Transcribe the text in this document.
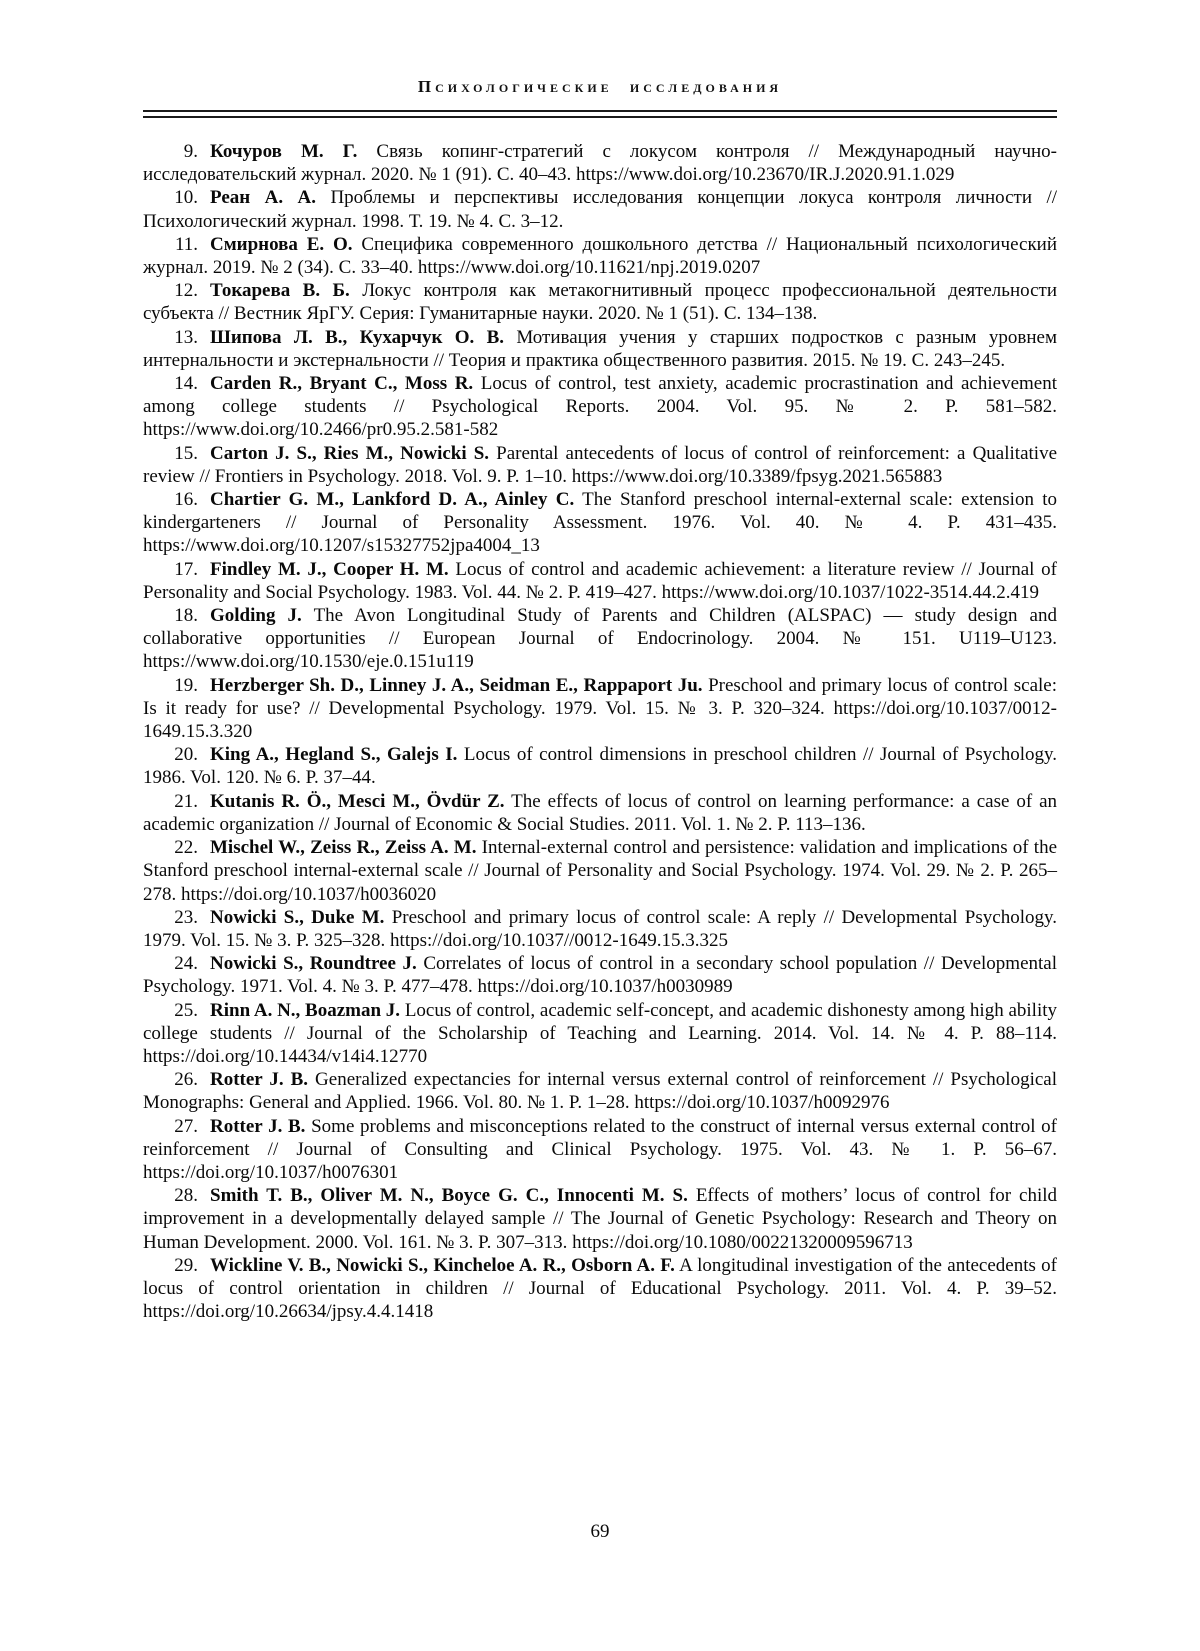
Психологические исследования

9. Кочуров М. Г. Связь копинг-стратегий с локусом контроля // Международный научно-исследовательский журнал. 2020. № 1 (91). С. 40–43. https://www.doi.org/10.23670/IR.J.2020.91.1.029

10. Реан А. А. Проблемы и перспективы исследования концепции локуса контроля личности // Психологический журнал. 1998. Т. 19. № 4. С. 3–12.

11. Смирнова Е. О. Специфика современного дошкольного детства // Национальный психологический журнал. 2019. № 2 (34). С. 33–40. https://www.doi.org/10.11621/npj.2019.0207

12. Токарева В. Б. Локус контроля как метакогнитивный процесс профессиональной деятельности субъекта // Вестник ЯрГУ. Серия: Гуманитарные науки. 2020. № 1 (51). С. 134–138.

13. Шипова Л. В., Кухарчук О. В. Мотивация учения у старших подростков с разным уровнем интернальности и экстернальности // Теория и практика общественного развития. 2015. № 19. С. 243–245.

14. Carden R., Bryant C., Moss R. Locus of control, test anxiety, academic procrastination and achievement among college students // Psychological Reports. 2004. Vol. 95. № 2. P. 581–582. https://www.doi.org/10.2466/pr0.95.2.581-582

15. Carton J. S., Ries M., Nowicki S. Parental antecedents of locus of control of reinforcement: a Qualitative review // Frontiers in Psychology. 2018. Vol. 9. P. 1–10. https://www.doi.org/10.3389/fpsyg.2021.565883

16. Chartier G. M., Lankford D. A., Ainley C. The Stanford preschool internal-external scale: extension to kindergarteners // Journal of Personality Assessment. 1976. Vol. 40. № 4. P. 431–435. https://www.doi.org/10.1207/s15327752jpa4004_13

17. Findley M. J., Cooper H. M. Locus of control and academic achievement: a literature review // Journal of Personality and Social Psychology. 1983. Vol. 44. № 2. P. 419–427. https://www.doi.org/10.1037/1022-3514.44.2.419

18. Golding J. The Avon Longitudinal Study of Parents and Children (ALSPAC) — study design and collaborative opportunities // European Journal of Endocrinology. 2004. № 151. U119–U123. https://www.doi.org/10.1530/eje.0.151u119

19. Herzberger Sh. D., Linney J. A., Seidman E., Rappaport Ju. Preschool and primary locus of control scale: Is it ready for use? // Developmental Psychology. 1979. Vol. 15. № 3. P. 320–324. https://doi.org/10.1037/0012-1649.15.3.320

20. King A., Hegland S., Galejs I. Locus of control dimensions in preschool children // Journal of Psychology. 1986. Vol. 120. № 6. P. 37–44.

21. Kutanis R. Ö., Mesci M., Övdür Z. The effects of locus of control on learning performance: a case of an academic organization // Journal of Economic & Social Studies. 2011. Vol. 1. № 2. P. 113–136.

22. Mischel W., Zeiss R., Zeiss A. M. Internal-external control and persistence: validation and implications of the Stanford preschool internal-external scale // Journal of Personality and Social Psychology. 1974. Vol. 29. № 2. P. 265–278. https://doi.org/10.1037/h0036020

23. Nowicki S., Duke M. Preschool and primary locus of control scale: A reply // Developmental Psychology. 1979. Vol. 15. № 3. P. 325–328. https://doi.org/10.1037//0012-1649.15.3.325

24. Nowicki S., Roundtree J. Correlates of locus of control in a secondary school population // Developmental Psychology. 1971. Vol. 4. № 3. P. 477–478. https://doi.org/10.1037/h0030989

25. Rinn A. N., Boazman J. Locus of control, academic self-concept, and academic dishonesty among high ability college students // Journal of the Scholarship of Teaching and Learning. 2014. Vol. 14. № 4. P. 88–114. https://doi.org/10.14434/v14i4.12770

26. Rotter J. B. Generalized expectancies for internal versus external control of reinforcement // Psychological Monographs: General and Applied. 1966. Vol. 80. № 1. P. 1–28. https://doi.org/10.1037/h0092976

27. Rotter J. B. Some problems and misconceptions related to the construct of internal versus external control of reinforcement // Journal of Consulting and Clinical Psychology. 1975. Vol. 43. № 1. P. 56–67. https://doi.org/10.1037/h0076301

28. Smith T. B., Oliver M. N., Boyce G. C., Innocenti M. S. Effects of mothers’ locus of control for child improvement in a developmentally delayed sample // The Journal of Genetic Psychology: Research and Theory on Human Development. 2000. Vol. 161. № 3. P. 307–313. https://doi.org/10.1080/00221320009596713

29. Wickline V. B., Nowicki S., Kincheloe A. R., Osborn A. F. A longitudinal investigation of the antecedents of locus of control orientation in children // Journal of Educational Psychology. 2011. Vol. 4. P. 39–52. https://doi.org/10.26634/jpsy.4.4.1418

69
